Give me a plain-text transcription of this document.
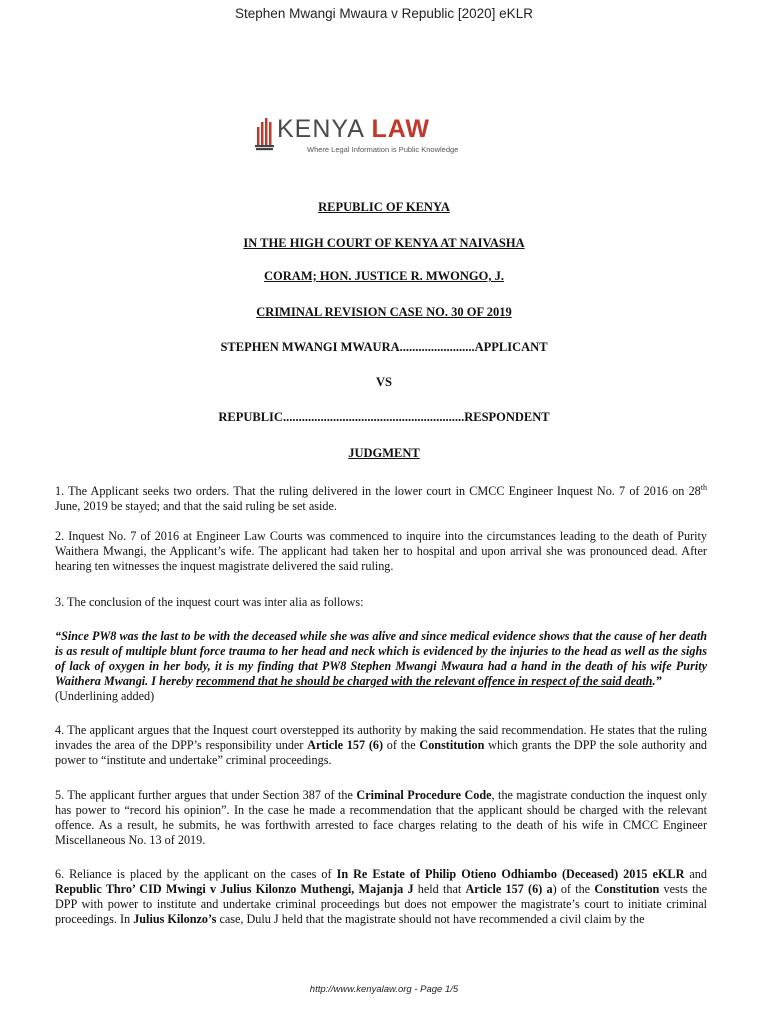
Stephen Mwangi Mwaura v Republic [2020] eKLR
KENYA LAW
Where Legal Information is Public Knowledge
REPUBLIC OF KENYA
IN THE HIGH COURT OF KENYA AT NAIVASHA
CORAM; HON. JUSTICE R. MWONGO, J.
CRIMINAL REVISION CASE NO. 30 OF 2019
STEPHEN MWANGI MWAURA........................APPLICANT
VS
REPUBLIC..........................................................RESPONDENT
JUDGMENT
1. The Applicant seeks two orders. That the ruling delivered in the lower court in CMCC Engineer Inquest No. 7 of 2016 on 28th June, 2019 be stayed; and that the said ruling be set aside.
2. Inquest No. 7 of 2016 at Engineer Law Courts was commenced to inquire into the circumstances leading to the death of Purity Waithera Mwangi, the Applicant’s wife. The applicant had taken her to hospital and upon arrival she was pronounced dead. After hearing ten witnesses the inquest magistrate delivered the said ruling.
3. The conclusion of the inquest court was inter alia as follows:
“Since PW8 was the last to be with the deceased while she was alive and since medical evidence shows that the cause of her death is as result of multiple blunt force trauma to her head and neck which is evidenced by the injuries to the head as well as the sighs of lack of oxygen in her body, it is my finding that PW8 Stephen Mwangi Mwaura had a hand in the death of his wife Purity Waithera Mwangi. I hereby recommend that he should be charged with the relevant offence in respect of the said death.”
(Underlining added)
4. The applicant argues that the Inquest court overstepped its authority by making the said recommendation. He states that the ruling invades the area of the DPP’s responsibility under Article 157 (6) of the Constitution which grants the DPP the sole authority and power to “institute and undertake” criminal proceedings.
5. The applicant further argues that under Section 387 of the Criminal Procedure Code, the magistrate conduction the inquest only has power to “record his opinion”. In the case he made a recommendation that the applicant should be charged with the relevant offence. As a result, he submits, he was forthwith arrested to face charges relating to the death of his wife in CMCC Engineer Miscellaneous No. 13 of 2019.
6. Reliance is placed by the applicant on the cases of In Re Estate of Philip Otieno Odhiambo (Deceased) 2015 eKLR and Republic Thro’ CID Mwingi v Julius Kilonzo Muthengi, Majanja J held that Article 157 (6) a) of the Constitution vests the DPP with power to institute and undertake criminal proceedings but does not empower the magistrate’s court to initiate criminal proceedings. In Julius Kilonzo’s case, Dulu J held that the magistrate should not have recommended a civil claim by the
http://www.kenyalaw.org - Page 1/5
